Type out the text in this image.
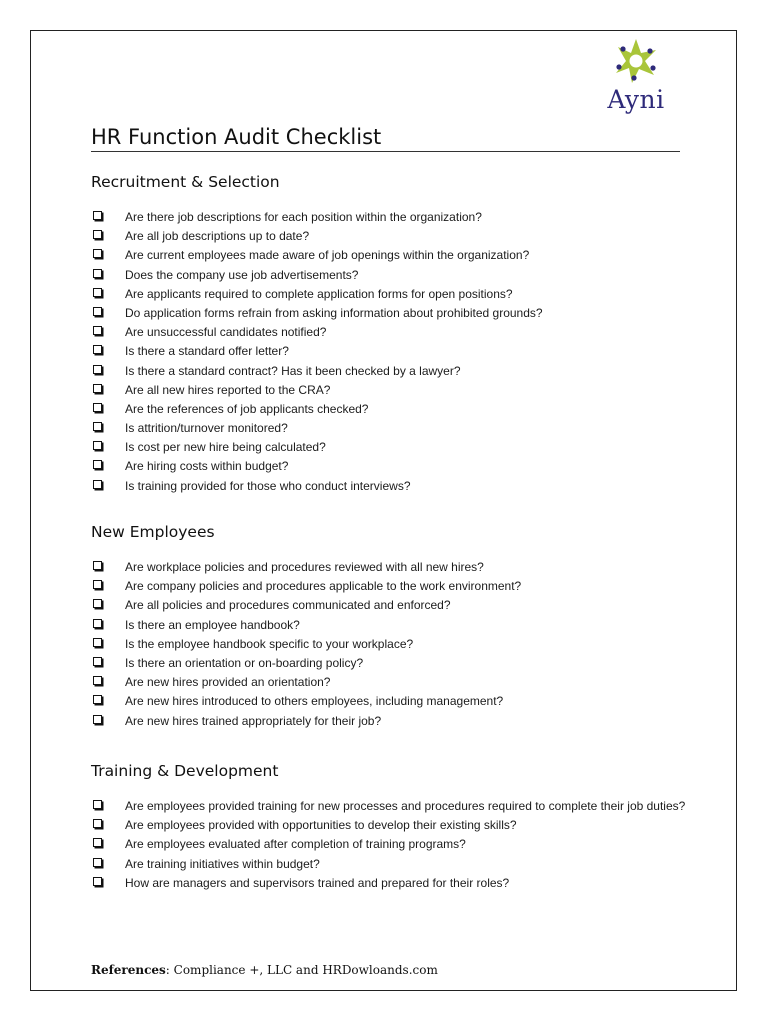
Ayni
HR Function Audit Checklist
Recruitment & Selection
Are there job descriptions for each position within the organization?
Are all job descriptions up to date?
Are current employees made aware of job openings within the organization?
Does the company use job advertisements?
Are applicants required to complete application forms for open positions?
Do application forms refrain from asking information about prohibited grounds?
Are unsuccessful candidates notified?
Is there a standard offer letter?
Is there a standard contract? Has it been checked by a lawyer?
Are all new hires reported to the CRA?
Are the references of job applicants checked?
Is attrition/turnover monitored?
Is cost per new hire being calculated?
Are hiring costs within budget?
Is training provided for those who conduct interviews?
New Employees
Are workplace policies and procedures reviewed with all new hires?
Are company policies and procedures applicable to the work environment?
Are all policies and procedures communicated and enforced?
Is there an employee handbook?
Is the employee handbook specific to your workplace?
Is there an orientation or on-boarding policy?
Are new hires provided an orientation?
Are new hires introduced to others employees, including management?
Are new hires trained appropriately for their job?
Training & Development
Are employees provided training for new processes and procedures required to complete their job duties?
Are employees provided with opportunities to develop their existing skills?
Are employees evaluated after completion of training programs?
Are training initiatives within budget?
How are managers and supervisors trained and prepared for their roles?
References: Compliance +, LLC and HRDowloands.com
